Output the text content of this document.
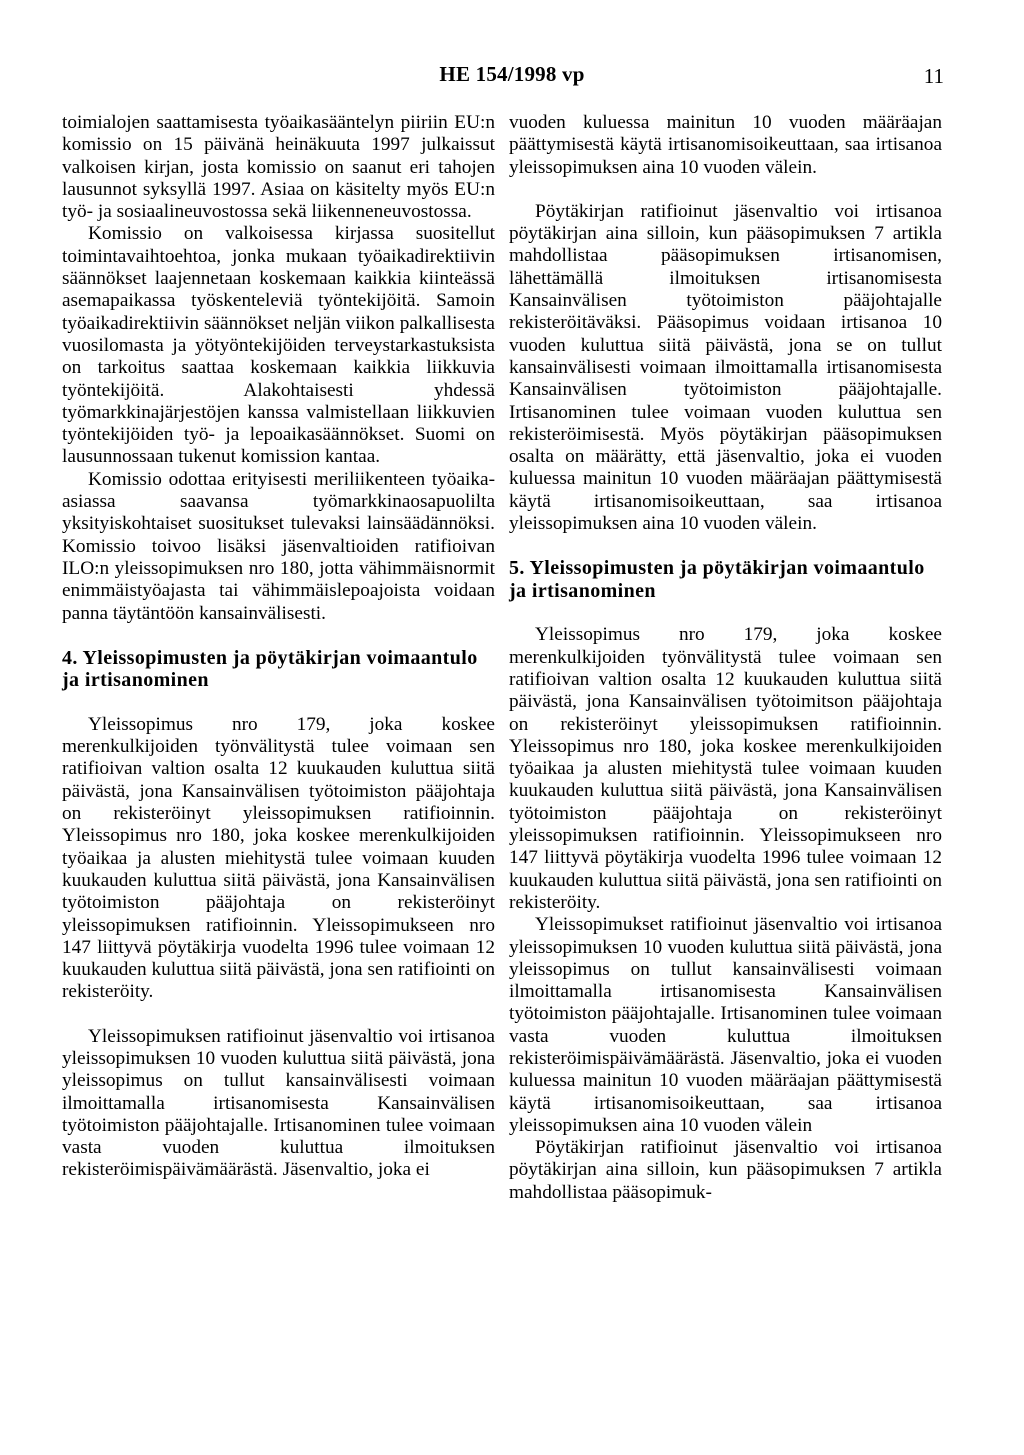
HE 154/1998 vp	11

toimialojen saattamisesta työaikasääntelyn piiriin EU:n komissio on 15 päivänä heinäkuuta 1997 julkaissut valkoisen kirjan, josta komissio on saanut eri tahojen lausunnot syksyllä 1997. Asiaa on käsitelty myös EU:n työ- ja sosiaalineuvostossa sekä liikenneneuvostossa.

Komissio on valkoisessa kirjassa suositellut toimintavaihtoehtoa, jonka mukaan työaikadirektiivin säännökset laajennetaan koskemaan kaikkia kiinteässä asemapaikassa työskenteleviä työntekijöitä. Samoin työaikadirektiivin säännökset neljän viikon palkallisesta vuosilomasta ja yötyöntekijöiden terveystarkastuksista on tarkoitus saattaa koskemaan kaikkia liikkuvia työntekijöitä. Alakohtaisesti yhdessä työmarkkinajärjestöjen kanssa valmistellaan liikkuvien työntekijöiden työ- ja lepoaikasäännökset. Suomi on lausunnossaan tukenut komission kantaa.

Komissio odottaa erityisesti meriliikenteen työaika-asiassa saavansa työmarkkinaosapuolilta yksityiskohtaiset suositukset tulevaksi lainsäädännöksi. Komissio toivoo lisäksi jäsenvaltioiden ratifioivan ILO:n yleissopimuksen nro 180, jotta vähimmäisnormit enimmäistyöajasta tai vähimmäislepoajoista voidaan panna täytäntöön kansainvälisesti.

4. Yleissopimusten ja pöytäkirjan voimaantulo ja irtisanominen

Yleissopimus nro 179, joka koskee merenkulkijoiden työnvälitystä tulee voimaan sen ratifioivan valtion osalta 12 kuukauden kuluttua siitä päivästä, jona Kansainvälisen työtoimiston pääjohtaja on rekisteröinyt yleissopimuksen ratifioinnin. Yleissopimus nro 180, joka koskee merenkulkijoiden työaikaa ja alusten miehitystä tulee voimaan kuuden kuukauden kuluttua siitä päivästä, jona Kansainvälisen työtoimiston pääjohtaja on rekisteröinyt yleissopimuksen ratifioinnin. Yleissopimukseen nro 147 liittyvä pöytäkirja vuodelta 1996 tulee voimaan 12 kuukauden kuluttua siitä päivästä, jona sen ratifiointi on rekisteröity.

Yleissopimuksen ratifioinut jäsenvaltio voi irtisanoa yleissopimuksen 10 vuoden kuluttua siitä päivästä, jona yleissopimus on tullut kansainvälisesti voimaan ilmoittamalla irtisanomisesta Kansainvälisen työtoimiston pääjohtajalle. Irtisanominen tulee voimaan vasta vuoden kuluttua ilmoituksen rekisteröimispäivämäärästä. Jäsenvaltio, joka ei

vuoden kuluessa mainitun 10 vuoden määräajan päättymisestä käytä irtisanomisoikeuttaan, saa irtisanoa yleissopimuksen aina 10 vuoden välein.

Pöytäkirjan ratifioinut jäsenvaltio voi irtisanoa pöytäkirjan aina silloin, kun pääsopimuksen 7 artikla mahdollistaa pääsopimuksen irtisanomisen, lähettämällä ilmoituksen irtisanomisesta Kansainvälisen työtoimiston pääjohtajalle rekisteröitäväksi. Pääsopimus voidaan irtisanoa 10 vuoden kuluttua siitä päivästä, jona se on tullut kansainvälisesti voimaan ilmoittamalla irtisanomisesta Kansainvälisen työtoimiston pääjohtajalle. Irtisanominen tulee voimaan vuoden kuluttua sen rekisteröimisestä. Myös pöytäkirjan pääsopimuksen osalta on määrätty, että jäsenvaltio, joka ei vuoden kuluessa mainitun 10 vuoden määräajan päättymisestä käytä irtisanomisoikeuttaan, saa irtisanoa yleissopimuksen aina 10 vuoden välein.

5. Yleissopimusten ja pöytäkirjan voimaantulo ja irtisanominen

Yleissopimus nro 179, joka koskee merenkulkijoiden työnvälitystä tulee voimaan sen ratifioivan valtion osalta 12 kuukauden kuluttua siitä päivästä, jona Kansainvälisen työtoimitson pääjohtaja on rekisteröinyt yleissopimuksen ratifioinnin. Yleissopimus nro 180, joka koskee merenkulkijoiden työaikaa ja alusten miehitystä tulee voimaan kuuden kuukauden kuluttua siitä päivästä, jona Kansainvälisen työtoimiston pääjohtaja on rekisteröinyt yleissopimuksen ratifioinnin. Yleissopimukseen nro 147 liittyvä pöytäkirja vuodelta 1996 tulee voimaan 12 kuukauden kuluttua siitä päivästä, jona sen ratifiointi on rekisteröity.

Yleissopimukset ratifioinut jäsenvaltio voi irtisanoa yleissopimuksen 10 vuoden kuluttua siitä päivästä, jona yleissopimus on tullut kansainvälisesti voimaan ilmoittamalla irtisanomisesta Kansainvälisen työtoimiston pääjohtajalle. Irtisanominen tulee voimaan vasta vuoden kuluttua ilmoituksen rekisteröimispäivämäärästä. Jäsenvaltio, joka ei vuoden kuluessa mainitun 10 vuoden määräajan päättymisestä käytä irtisanomisoikeuttaan, saa irtisanoa yleissopimuksen aina 10 vuoden välein

Pöytäkirjan ratifioinut jäsenvaltio voi irtisanoa pöytäkirjan aina silloin, kun pääsopimuksen 7 artikla mahdollistaa pääsopimuk-
